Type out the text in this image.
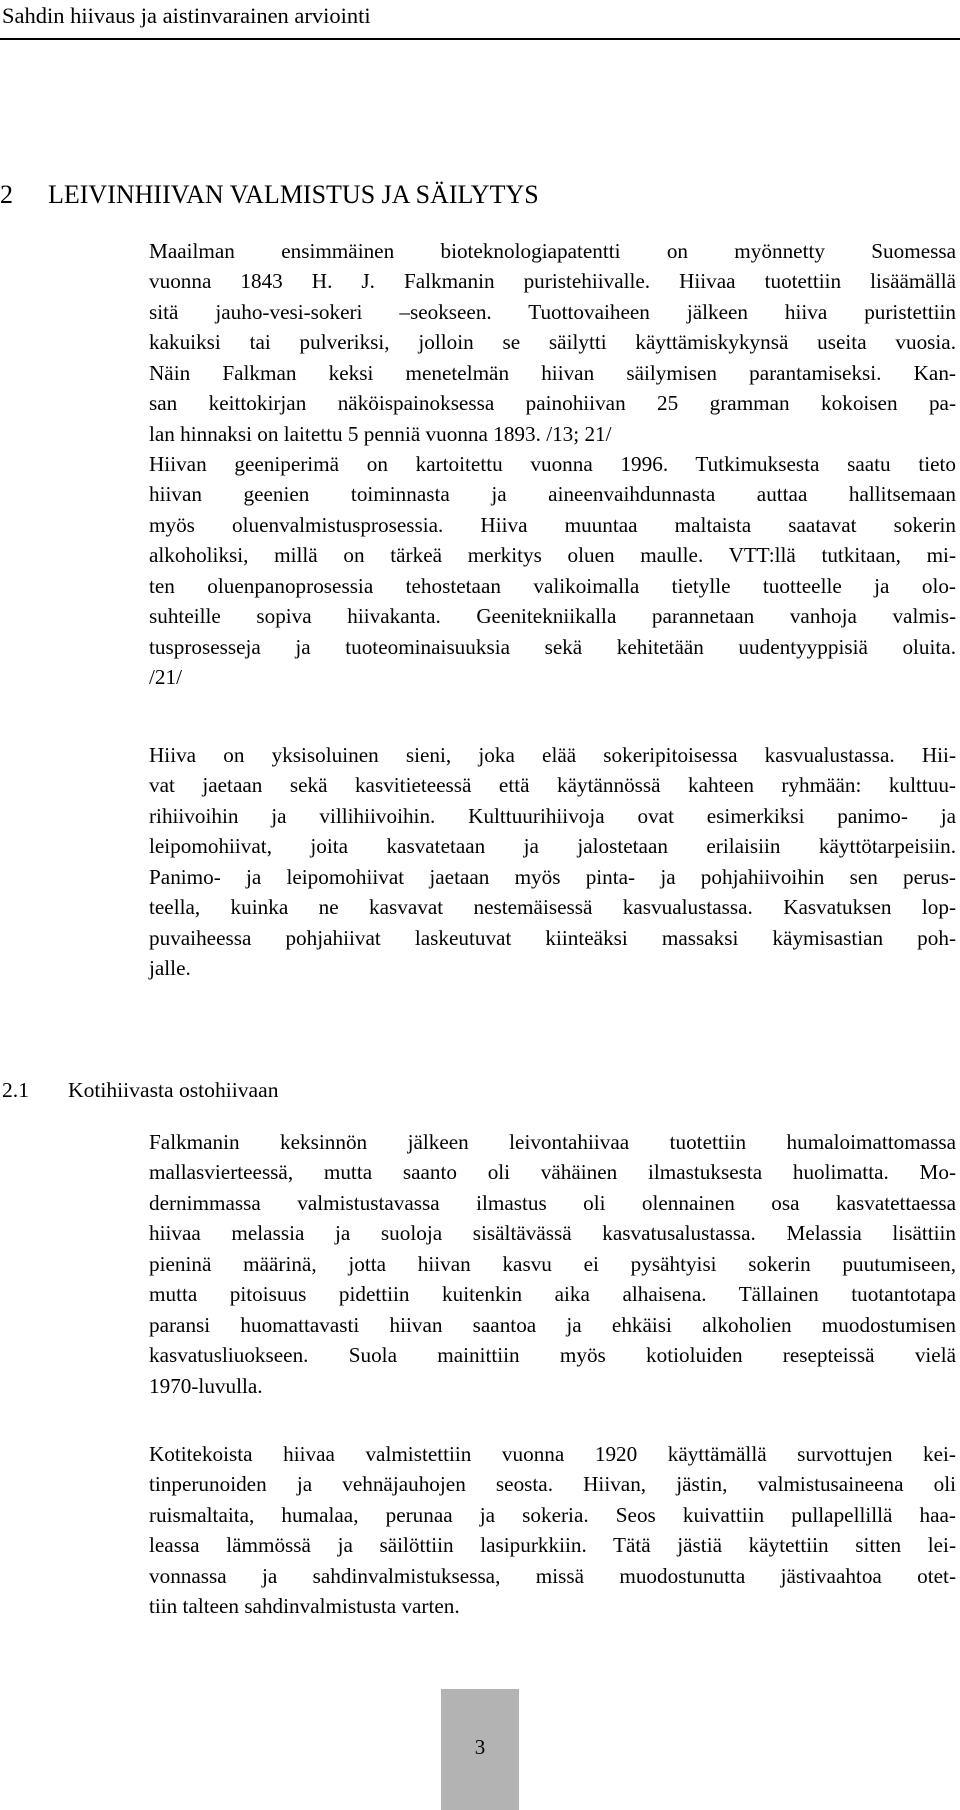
Sahdin hiivaus ja aistinvarainen arviointi
2 LEIVINHIIVAN VALMISTUS JA SÄILYTYS

Maailman ensimmäinen bioteknologiapatentti on myönnetty Suomessa
vuonna 1843 H. J. Falkmanin puristehiivalle. Hiivaa tuotettiin lisäämällä
sitä jauho-vesi-sokeri –seokseen. Tuottovaiheen jälkeen hiiva puristettiin
kakuiksi tai pulveriksi, jolloin se säilytti käyttämiskykynsä useita vuosia.
Näin Falkman keksi menetelmän hiivan säilymisen parantamiseksi. Kan-
san keittokirjan näköispainoksessa painohiivan 25 gramman kokoisen pa-
lan hinnaksi on laitettu 5 penniä vuonna 1893. /13; 21/

Hiivan geeniperimä on kartoitettu vuonna 1996. Tutkimuksesta saatu tieto
hiivan geenien toiminnasta ja aineenvaihdunnasta auttaa hallitsemaan
myös oluenvalmistusprosessia. Hiiva muuntaa maltaista saatavat sokerin
alkoholiksi, millä on tärkeä merkitys oluen maulle. VTT:llä tutkitaan, mi-
ten oluenpanoprosessia tehostetaan valikoimalla tietylle tuotteelle ja olo-
suhteille sopiva hiivakanta. Geenitekniikalla parannetaan vanhoja valmis-
tusprosesseja ja tuoteominaisuuksia sekä kehitetään uudentyyppisiä oluita.
/21/

Hiiva on yksisoluinen sieni, joka elää sokeripitoisessa kasvualustassa. Hii-
vat jaetaan sekä kasvitieteessä että käytännössä kahteen ryhmään: kulttuu-
rihiivoihin ja villihiivoihin. Kulttuurihiivoja ovat esimerkiksi panimo- ja
leipomohiivat, joita kasvatetaan ja jalostetaan erilaisiin käyttötarpeisiin.
Panimo- ja leipomohiivat jaetaan myös pinta- ja pohjahiivoihin sen perus-
teella, kuinka ne kasvavat nestemäisessä kasvualustassa. Kasvatuksen lop-
puvaiheessa pohjahiivat laskeutuvat kiinteäksi massaksi käymisastian poh-
jalle.

2.1 Kotihiivasta ostohiivaan

Falkmanin keksinnön jälkeen leivontahiivaa tuotettiin humaloimattomassa
mallasvierteessä, mutta saanto oli vähäinen ilmastuksesta huolimatta. Mo-
dernimmassa valmistustavassa ilmastus oli olennainen osa kasvatettaessa
hiivaa melassia ja suoloja sisältävässä kasvatusalustassa. Melassia lisättiin
pieninä määrinä, jotta hiivan kasvu ei pysähtyisi sokerin puutumiseen,
mutta pitoisuus pidettiin kuitenkin aika alhaisena. Tällainen tuotantotapa
paransi huomattavasti hiivan saantoa ja ehkäisi alkoholien muodostumisen
kasvatusliuokseen. Suola mainittiin myös kotioluiden resepteissä vielä
1970-luvulla.

Kotitekoista hiivaa valmistettiin vuonna 1920 käyttämällä survottujen kei-
tinperunoiden ja vehnäjauhojen seosta. Hiivan, jästin, valmistusaineena oli
ruismaltaita, humalaa, perunaa ja sokeria. Seos kuivattiin pullapellillä haa-
leassa lämmössä ja säilöttiin lasipurkkiin. Tätä jästiä käytettiin sitten lei-
vonnassa ja sahdinvalmistuksessa, missä muodostunutta jästivaahtoa otet-
tiin talteen sahdinvalmistusta varten.

3
